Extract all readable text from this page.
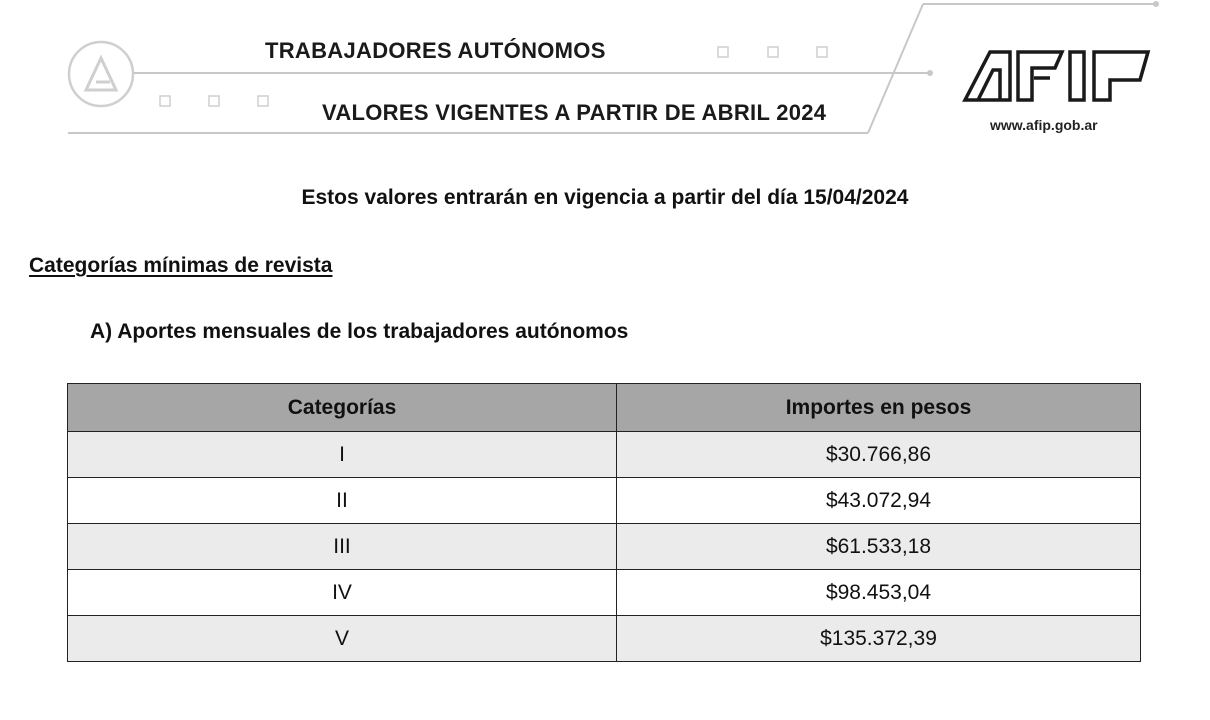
TRABAJADORES AUTÓNOMOS
VALORES VIGENTES A PARTIR DE ABRIL 2024	www.afip.gob.ar
Estos valores entrarán en vigencia a partir del día 15/04/2024
Categorías mínimas de revista
A) Aportes mensuales de los trabajadores autónomos
Categorías	Importes en pesos
I	$30.766,86
II	$43.072,94
III	$61.533,18
IV	$98.453,04
V	$135.372,39
